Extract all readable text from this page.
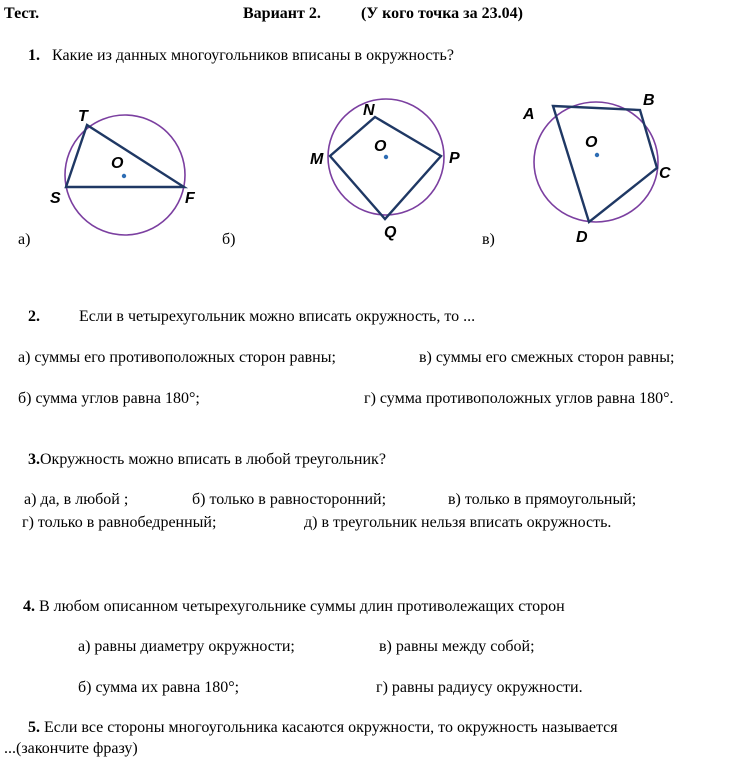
Тест.	Вариант 2.	(У кого точка за 23.04)
1. Какие из данных многоугольников вписаны в окружность?
O
T
S	F
O
N
M	P
Q
O
A
B
C
D
а)	б)	в)
2. Если в четырехугольник можно вписать окружность, то ...
а) суммы его противоположных сторон равны;	в) суммы его смежных сторон равны;
б) сумма углов равна 180°;	г) сумма противоположных углов равна 180°.
3.Окружность можно вписать в любой треугольник?
а) да, в любой ;	б) только в равносторонний;	в) только в прямоугольный;
г) только в равнобедренный;	д) в треугольник нельзя вписать окружность.
4. В любом описанном четырехугольнике суммы длин противолежащих сторон
а) равны диаметру окружности;	в) равны между собой;
б) сумма их равна 180°;	г) равны радиусу окружности.
5. Если все стороны многоугольника касаются окружности, то окружность называется
...(закончите фразу)
